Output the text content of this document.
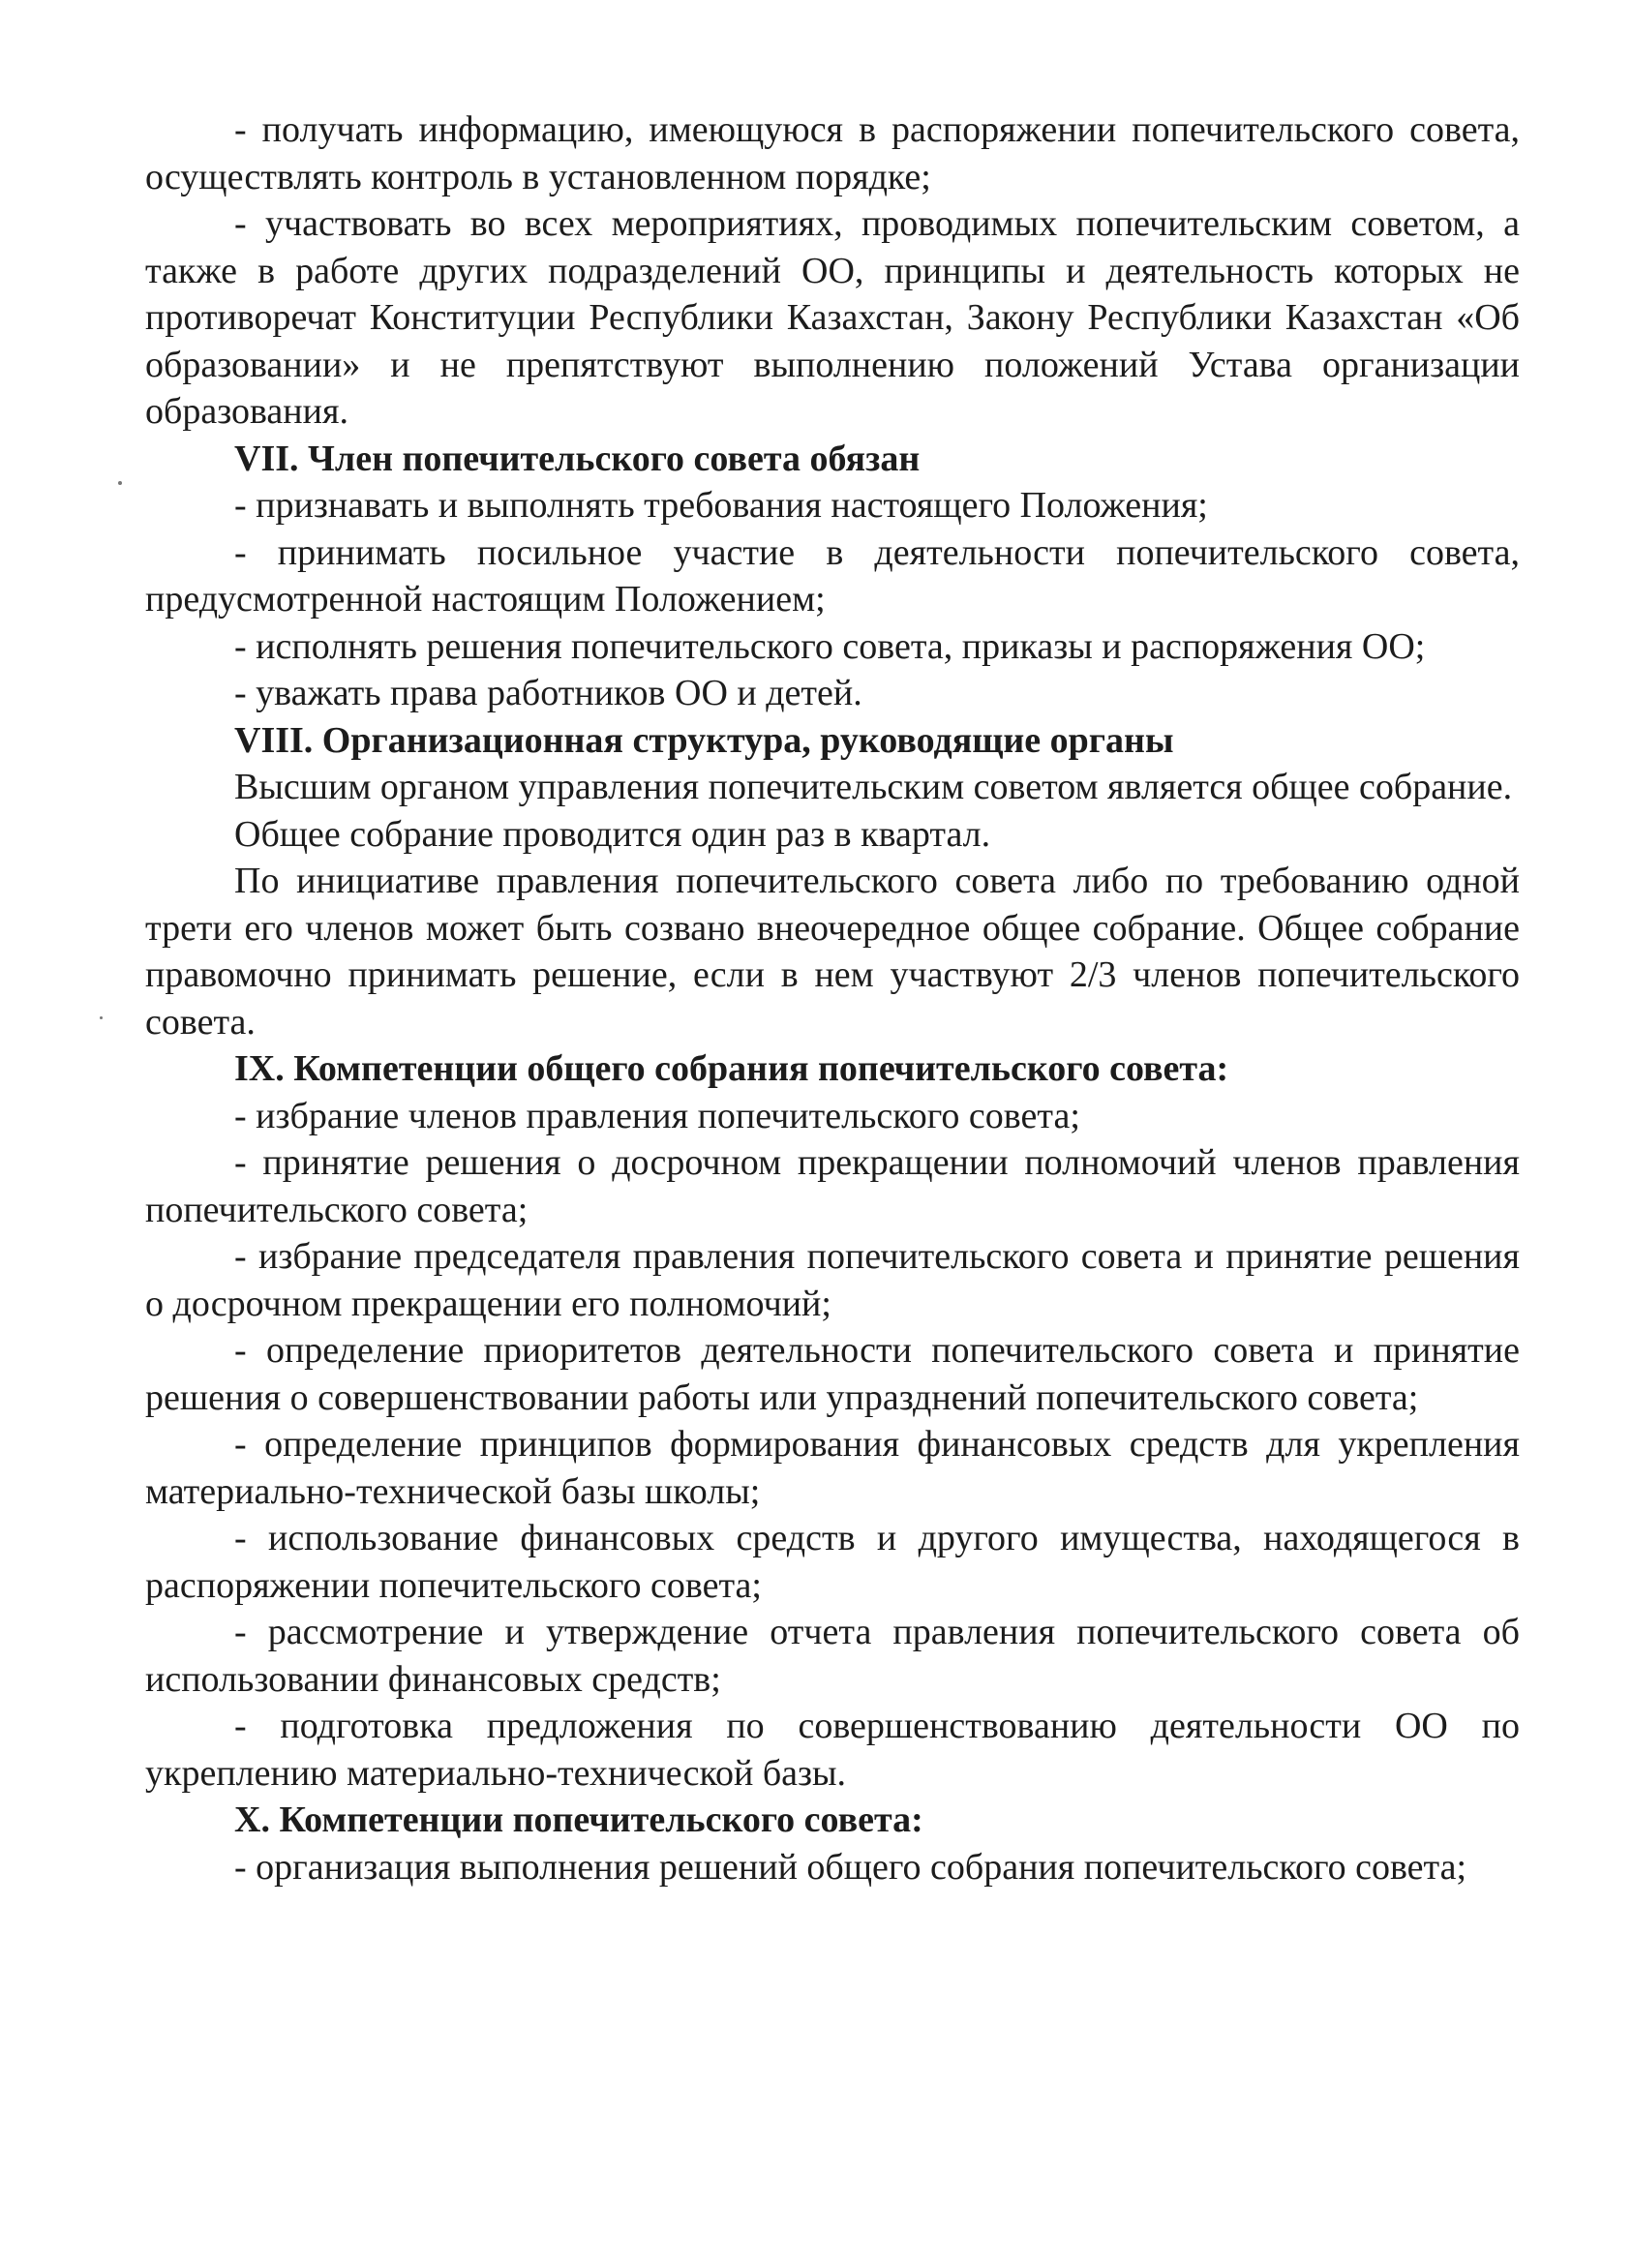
- получать информацию, имеющуюся в распоряжении попечительского совета, осуществлять контроль в установленном порядке;

- участвовать во всех мероприятиях, проводимых попечительским советом, а также в работе других подразделений ОО, принципы и деятельность которых не противоречат Конституции Республики Казахстан, Закону Республики Казахстан «Об образовании» и не препятствуют выполнению положений Устава организации образования.

VII. Член попечительского совета обязан

- признавать и выполнять требования настоящего Положения;

- принимать посильное участие в деятельности попечительского совета, предусмотренной настоящим Положением;

- исполнять решения попечительского совета, приказы и распоряжения ОО;

- уважать права работников ОО и детей.

VIII. Организационная структура, руководящие органы

Высшим органом управления попечительским советом является общее собрание.

Общее собрание проводится один раз в квартал.

По инициативе правления попечительского совета либо по требованию одной трети его членов может быть созвано внеочередное общее собрание. Общее собрание правомочно принимать решение, если в нем участвуют 2/3 членов попечительского совета.

IX. Компетенции общего собрания попечительского совета:

- избрание членов правления попечительского совета;

- принятие решения о досрочном прекращении полномочий членов правления попечительского совета;

- избрание председателя правления попечительского совета и принятие решения о досрочном прекращении его полномочий;

- определение приоритетов деятельности попечительского совета и принятие решения о совершенствовании работы или упразднений попечительского совета;

- определение принципов формирования финансовых средств для укрепления материально-технической базы школы;

- использование финансовых средств и другого имущества, находящегося в распоряжении попечительского совета;

- рассмотрение и утверждение отчета правления попечительского совета об использовании финансовых средств;

- подготовка предложения по совершенствованию деятельности ОО по укреплению материально-технической базы.

X. Компетенции попечительского совета:

- организация выполнения решений общего собрания попечительского совета;
